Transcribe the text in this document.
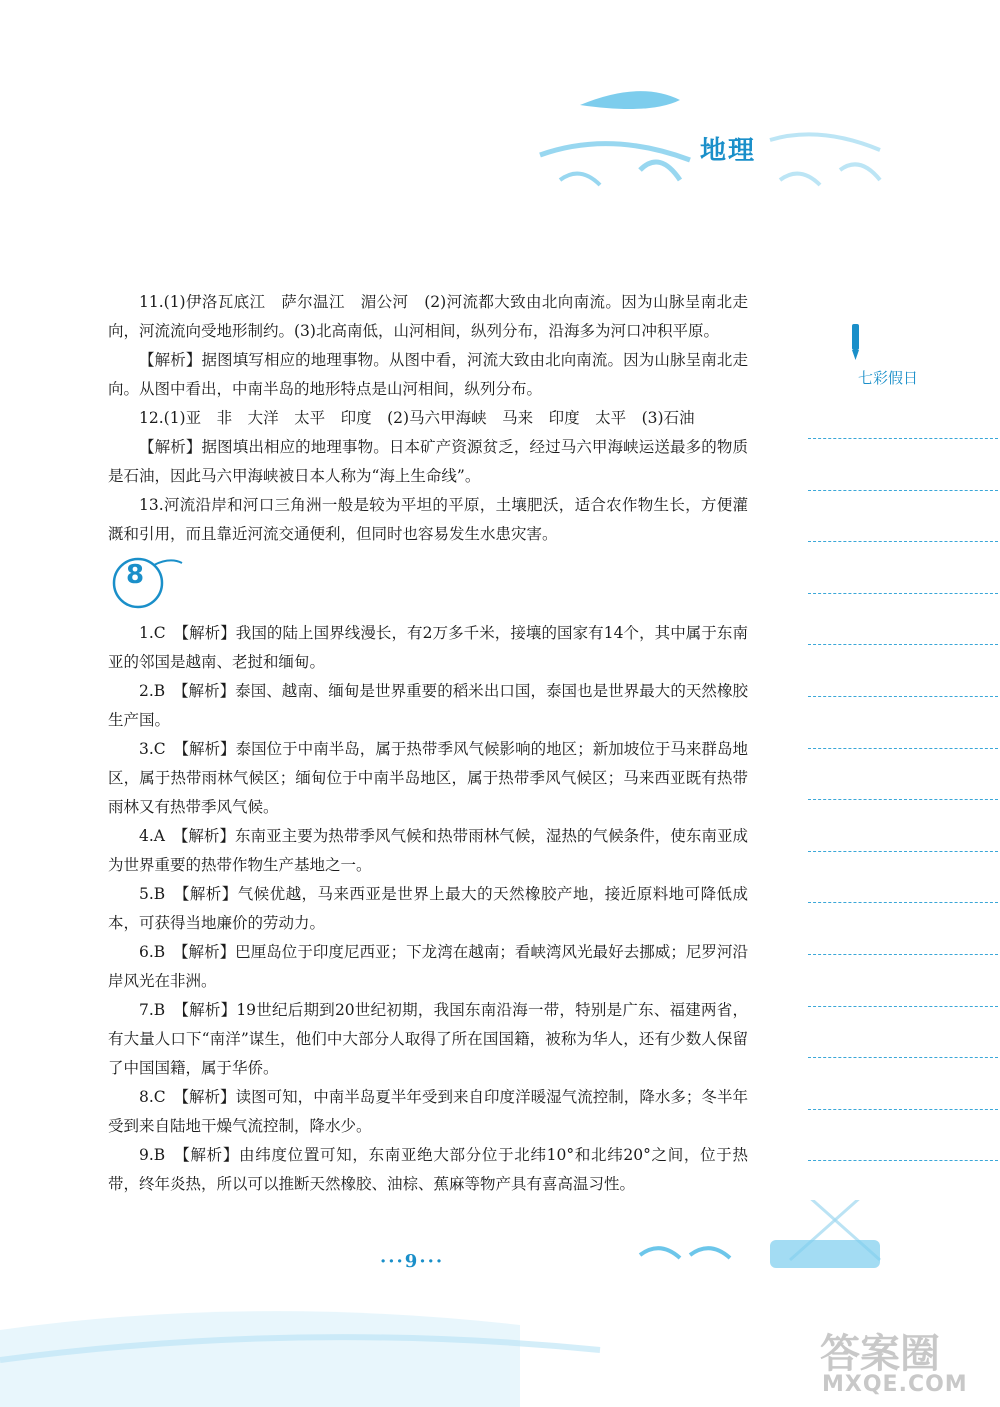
地理
七彩假日

11.(1)伊洛瓦底江　萨尔温江　湄公河　(2)河流都大致由北向南流。因为山脉呈南北走向，河流流向受地形制约。(3)北高南低，山河相间，纵列分布，沿海多为河口冲积平原。

【解析】据图填写相应的地理事物。从图中看，河流大致由北向南流。因为山脉呈南北走向。从图中看出，中南半岛的地形特点是山河相间，纵列分布。

12.(1)亚　非　大洋　太平　印度　(2)马六甲海峡　马来　印度　太平　(3)石油

【解析】据图填出相应的地理事物。日本矿产资源贫乏，经过马六甲海峡运送最多的物质是石油，因此马六甲海峡被日本人称为“海上生命线”。

13.河流沿岸和河口三角洲一般是较为平坦的平原，土壤肥沃，适合农作物生长，方便灌溉和引用，而且靠近河流交通便利，但同时也容易发生水患灾害。

8

1.C　【解析】我国的陆上国界线漫长，有2万多千米，接壤的国家有14个，其中属于东南亚的邻国是越南、老挝和缅甸。

2.B　【解析】泰国、越南、缅甸是世界重要的稻米出口国，泰国也是世界最大的天然橡胶生产国。

3.C　【解析】泰国位于中南半岛，属于热带季风气候影响的地区；新加坡位于马来群岛地区，属于热带雨林气候区；缅甸位于中南半岛地区，属于热带季风气候区；马来西亚既有热带雨林又有热带季风气候。

4.A　【解析】东南亚主要为热带季风气候和热带雨林气候，湿热的气候条件，使东南亚成为世界重要的热带作物生产基地之一。

5.B　【解析】气候优越，马来西亚是世界上最大的天然橡胶产地，接近原料地可降低成本，可获得当地廉价的劳动力。

6.B　【解析】巴厘岛位于印度尼西亚；下龙湾在越南；看峡湾风光最好去挪威；尼罗河沿岸风光在非洲。

7.B　【解析】19世纪后期到20世纪初期，我国东南沿海一带，特别是广东、福建两省，有大量人口下“南洋”谋生，他们中大部分人取得了所在国国籍，被称为华人，还有少数人保留了中国国籍，属于华侨。

8.C　【解析】读图可知，中南半岛夏半年受到来自印度洋暖湿气流控制，降水多；冬半年受到来自陆地干燥气流控制，降水少。

9.B　【解析】由纬度位置可知，东南亚绝大部分位于北纬10°和北纬20°之间，位于热带，终年炎热，所以可以推断天然橡胶、油棕、蕉麻等物产具有喜高温习性。

···9···
答案圈
MXQE.COM
